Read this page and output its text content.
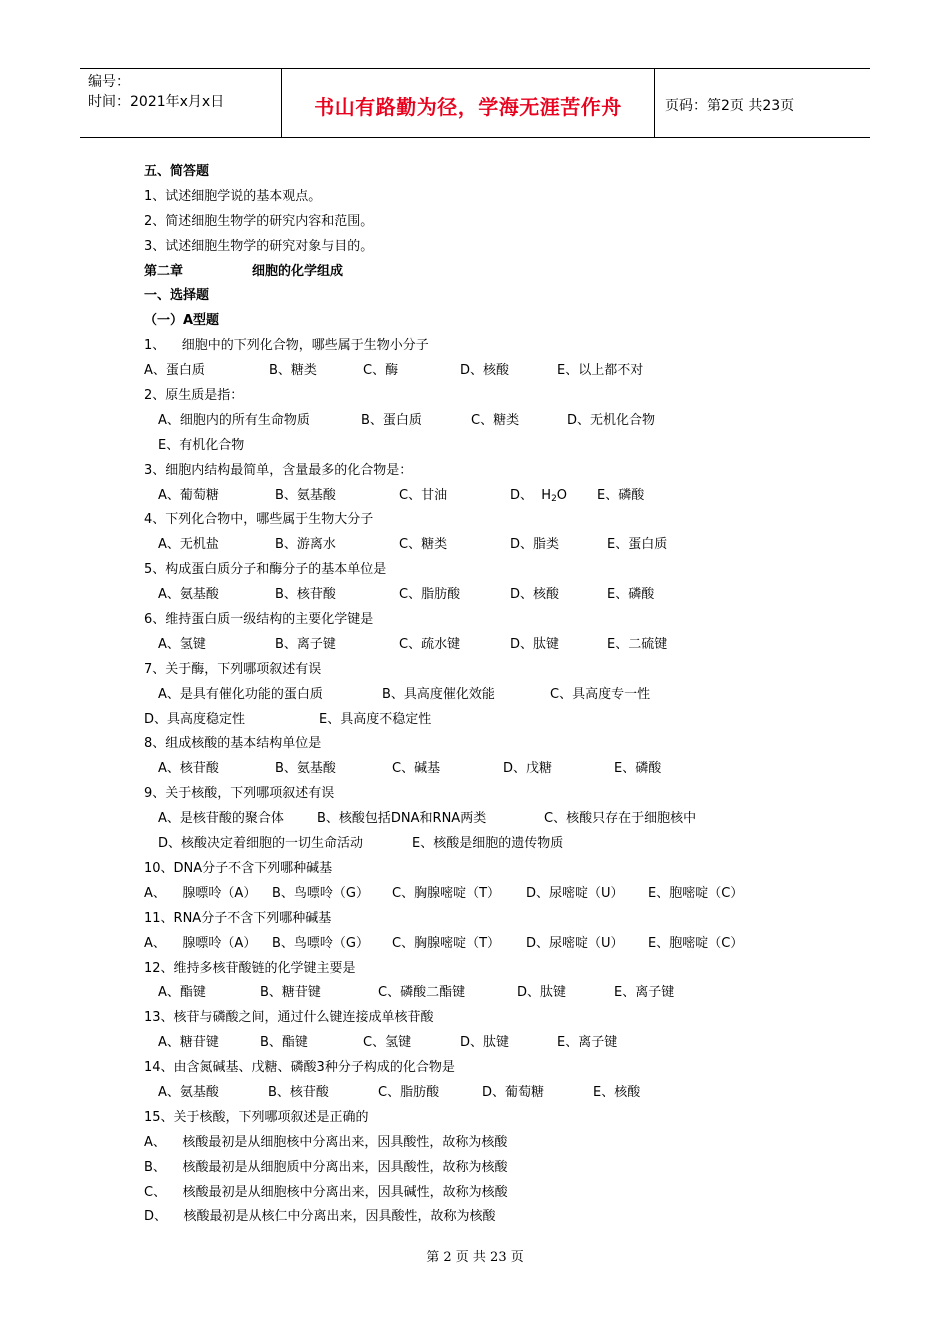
编号：
时间：2021年x月x日	书山有路勤为径，学海无涯苦作舟	页码：第2页 共23页
五、简答题
1、试述细胞学说的基本观点。
2、简述细胞生物学的研究内容和范围。
3、试述细胞生物学的研究对象与目的。

第二章

	细胞的化学组成

一、选择题
（一）A型题
1、    细胞中的下列化合物，哪些属于生物小分子

A、蛋白质

	B、糖类

	C、酶

	D、核酸

	E、以上都不对

2、原生质是指：

A、细胞内的所有生命物质

	B、蛋白质

	C、糖类

	D、无机化合物

E、有机化合物
3、细胞内结构最简单，含量最多的化合物是：

A、葡萄糖

	B、氨基酸

	C、甘油

	D、  $H_2O$

E、磷酸

4、下列化合物中，哪些属于生物大分子

A、无机盐

	B、游离水

	C、糖类

	D、脂类

	E、蛋白质

5、构成蛋白质分子和酶分子的基本单位是

A、氨基酸

	B、核苷酸

	C、脂肪酸

	D、核酸

	E、磷酸

6、维持蛋白质一级结构的主要化学键是

A、氢键

	B、离子键

	C、疏水键

	D、肽键

	E、二硫键

7、关于酶，下列哪项叙述有误

A、是具有催化功能的蛋白质

	B、具高度催化效能

	C、具高度专一性

D、具高度稳定性

	E、具高度不稳定性

8、组成核酸的基本结构单位是

A、核苷酸

	B、氨基酸

	C、碱基

	D、戊糖

	E、磷酸

9、关于核酸，下列哪项叙述有误

A、是核苷酸的聚合体

	B、核酸包括DNA和RNA两类

	C、核酸只存在于细胞核中

D、核酸决定着细胞的一切生命活动

	E、核酸是细胞的遗传物质

10、DNA分子不含下列哪种碱基

A、    腺嘌呤（A）

B、鸟嘌呤（G）

C、胸腺嘧啶（T）

D、尿嘧啶（U）

E、胞嘧啶（C）

11、RNA分子不含下列哪种碱基

A、    腺嘌呤（A）

B、鸟嘌呤（G）

C、胸腺嘧啶（T）

D、尿嘧啶（U）

E、胞嘧啶（C）

12、维持多核苷酸链的化学键主要是

A、酯键

	B、糖苷键

	C、磷酸二酯键

	D、肽键

	E、离子键

13、核苷与磷酸之间，通过什么键连接成单核苷酸

A、糖苷键

	B、酯键

	C、氢键

	D、肽键

	E、离子键

14、由含氮碱基、戊糖、磷酸3种分子构成的化合物是

A、氨基酸

	B、核苷酸

	C、脂肪酸

	D、葡萄糖

	E、核酸

15、关于核酸，下列哪项叙述是正确的
A、    核酸最初是从细胞核中分离出来，因具酸性，故称为核酸
B、    核酸最初是从细胞质中分离出来，因具酸性，故称为核酸
C、    核酸最初是从细胞核中分离出来，因具碱性，故称为核酸
D、    核酸最初是从核仁中分离出来，因具酸性，故称为核酸
第 2 页 共 23 页
